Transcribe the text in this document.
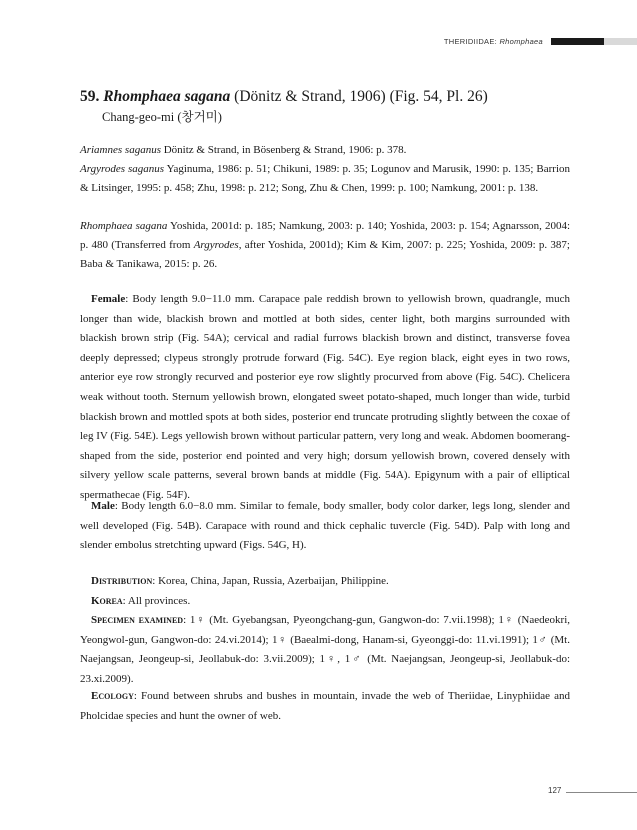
THERIDIIDAE: Rhomphaea
59. Rhomphaea sagana (Dönitz & Strand, 1906) (Fig. 54, Pl. 26)
Chang-geo-mi (창거미)
Ariamnes saganus Dönitz & Strand, in Bösenberg & Strand, 1906: p. 378.
Argyrodes saganus Yaginuma, 1986: p. 51; Chikuni, 1989: p. 35; Logunov and Marusik, 1990: p. 135; Barrion & Litsinger, 1995: p. 458; Zhu, 1998: p. 212; Song, Zhu & Chen, 1999: p. 100; Namkung, 2001: p. 138.
Rhomphaea sagana Yoshida, 2001d: p. 185; Namkung, 2003: p. 140; Yoshida, 2003: p. 154; Agnarsson, 2004: p. 480 (Transferred from Argyrodes, after Yoshida, 2001d); Kim & Kim, 2007: p. 225; Yoshida, 2009: p. 387; Baba & Tanikawa, 2015: p. 26.
Female: Body length 9.0−11.0 mm. Carapace pale reddish brown to yellowish brown, quadrangle, much longer than wide, blackish brown and mottled at both sides, center light, both margins surrounded with blackish brown strip (Fig. 54A); cervical and radial furrows blackish brown and distinct, transverse fovea deeply depressed; clypeus strongly protrude forward (Fig. 54C). Eye region black, eight eyes in two rows, anterior eye row strongly recurved and posterior eye row slightly procurved from above (Fig. 54C). Chelicera weak without tooth. Sternum yellowish brown, elongated sweet potato-shaped, much longer than wide, turbid blackish brown and mottled spots at both sides, posterior end truncate protruding slightly between the coxae of leg IV (Fig. 54E). Legs yellowish brown without particular pattern, very long and weak. Abdomen boomerang-shaped from the side, posterior end pointed and very high; dorsum yellowish brown, covered densely with silvery yellow scale patterns, several brown bands at middle (Fig. 54A). Epigynum with a pair of elliptical spermathecae (Fig. 54F).
Male: Body length 6.0−8.0 mm. Similar to female, body smaller, body color darker, legs long, slender and well developed (Fig. 54B). Carapace with round and thick cephalic tuvercle (Fig. 54D). Palp with long and slender embolus stretchting upward (Figs. 54G, H).
Distribution: Korea, China, Japan, Russia, Azerbaijan, Philippine.
Korea: All provinces.
Specimen examined: 1♀ (Mt. Gyebangsan, Pyeongchang-gun, Gangwon-do: 7.vii.1998); 1♀ (Naedeokri, Yeongwol-gun, Gangwon-do: 24.vi.2014); 1♀ (Baealmi-dong, Hanam-si, Gyeonggi-do: 11.vi.1991); 1♂ (Mt. Naejangsan, Jeongeup-si, Jeollabuk-do: 3.vii.2009); 1♀, 1♂ (Mt. Naejangsan, Jeongeup-si, Jeollabuk-do: 23.xi.2009).
Ecology: Found between shrubs and bushes in mountain, invade the web of Theriidae, Linyphiidae and Pholcidae species and hunt the owner of web.
127
